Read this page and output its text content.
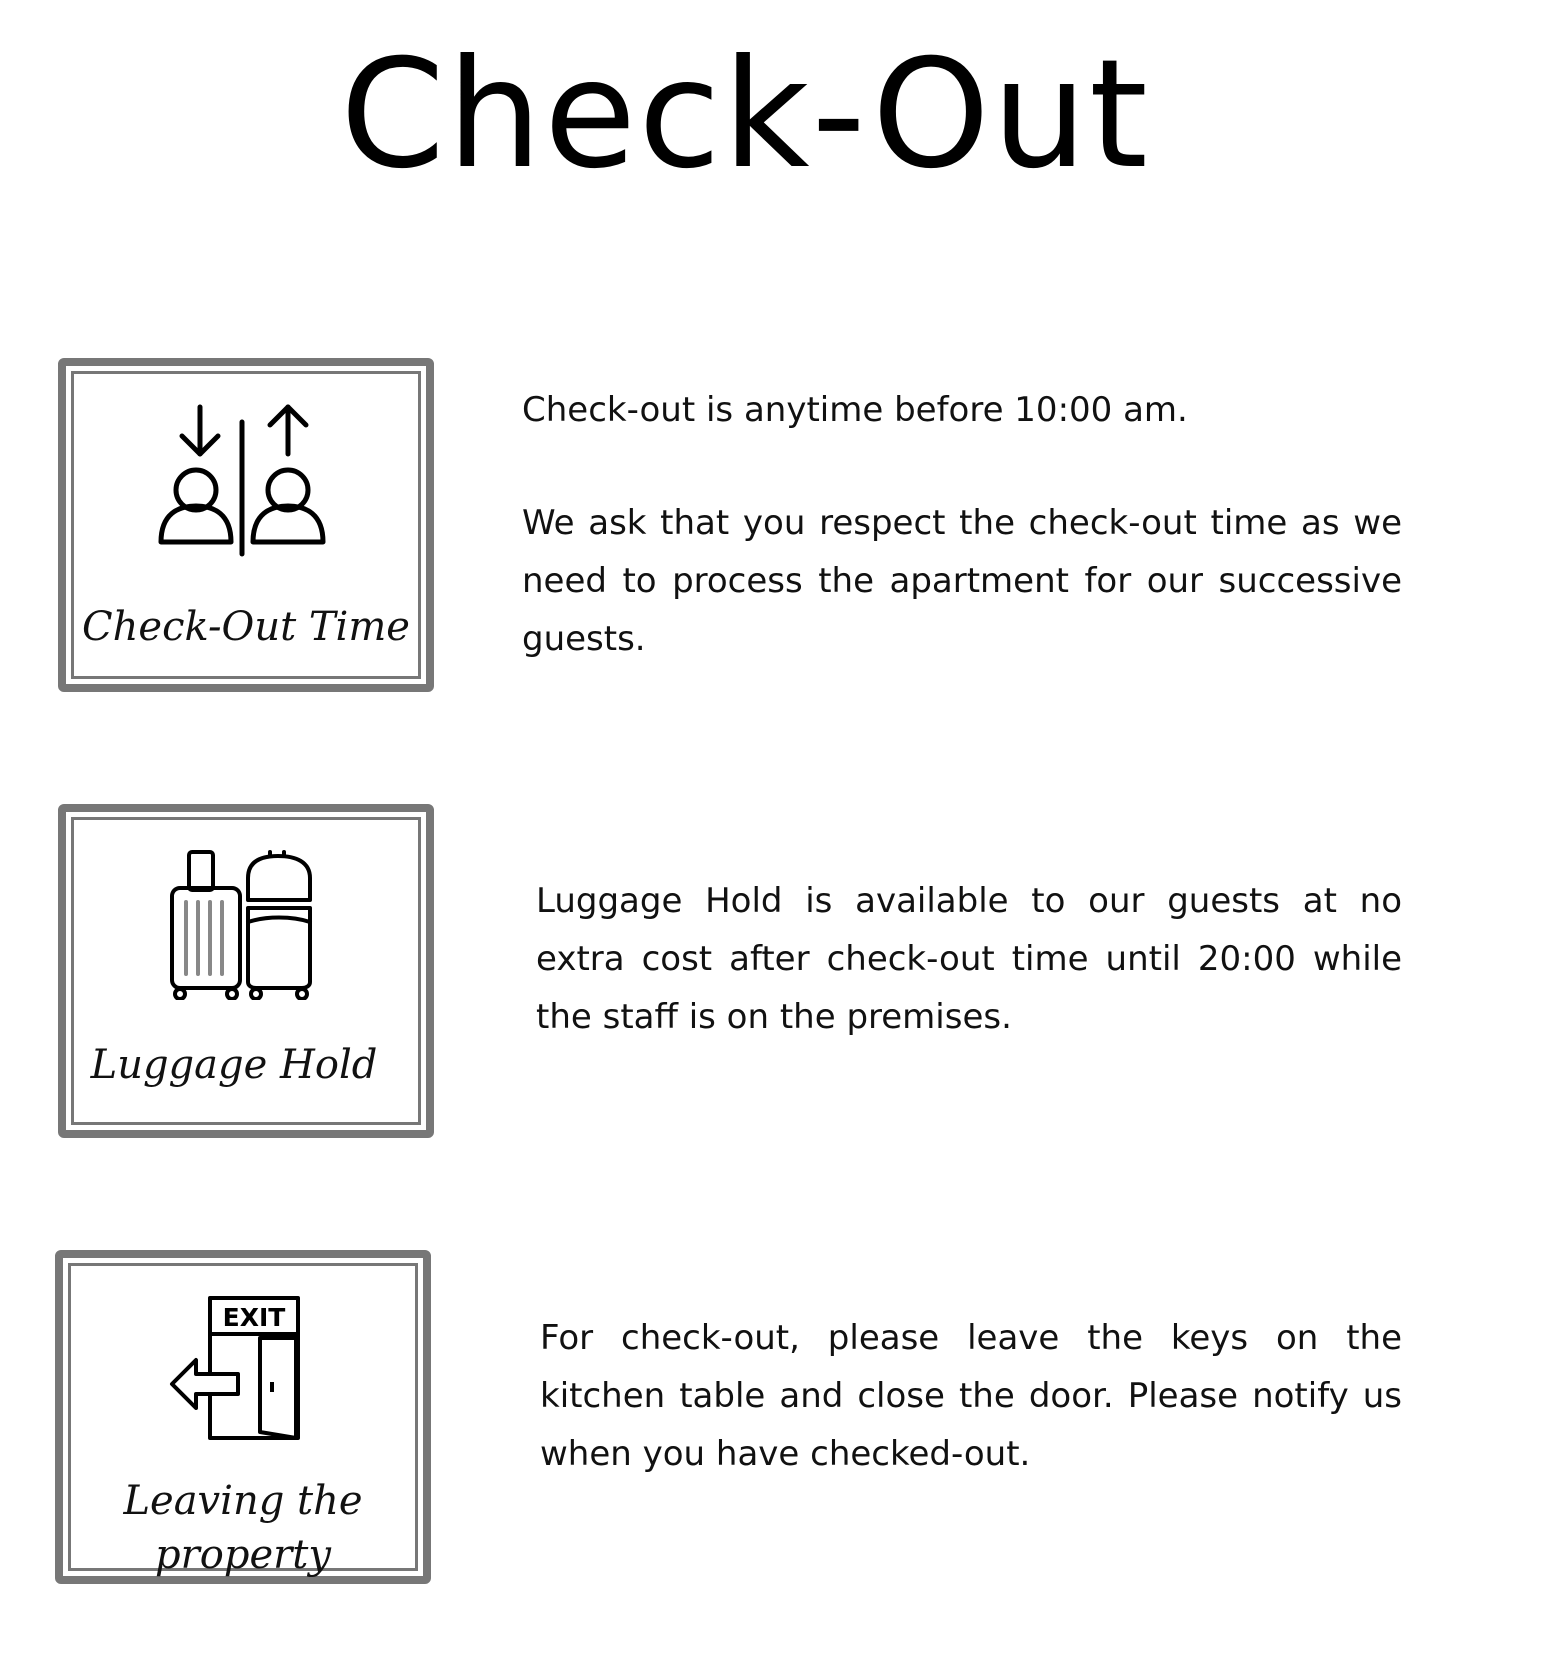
Check-Out
Check-Out Time

Check-out is anytime before 10:00 am.

We ask that you respect the check-out time as we need to process the apartment for our successive guests.

Luggage Hold

Luggage Hold is available to our guests at no extra cost after check-out time until 20:00 while the staff is on the premises.

EXIT
Leaving the
property

For check-out, please leave the keys on the kitchen table and close the door. Please notify us when you have checked-out.
